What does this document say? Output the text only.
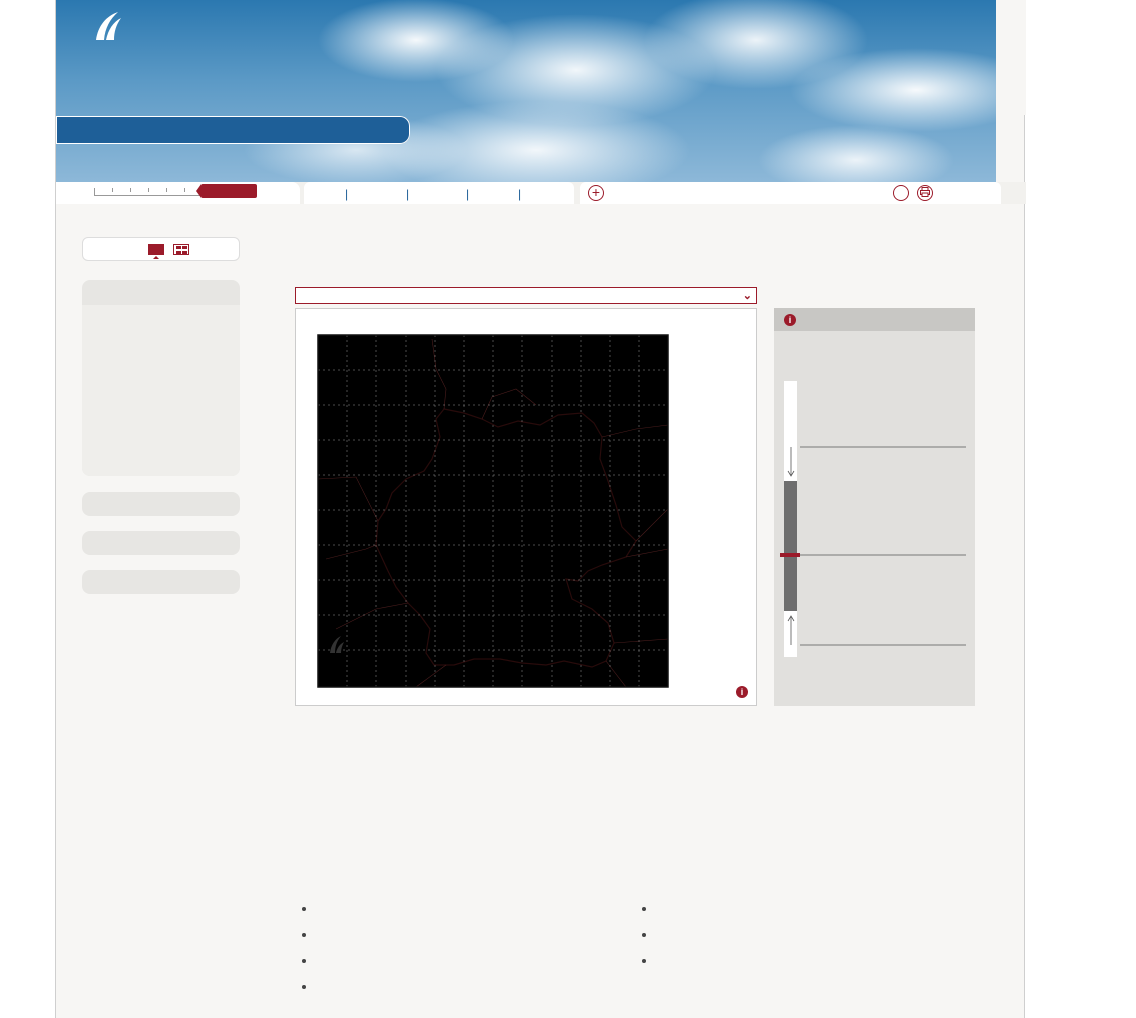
|	|	|	|	+
⌄
i
i
